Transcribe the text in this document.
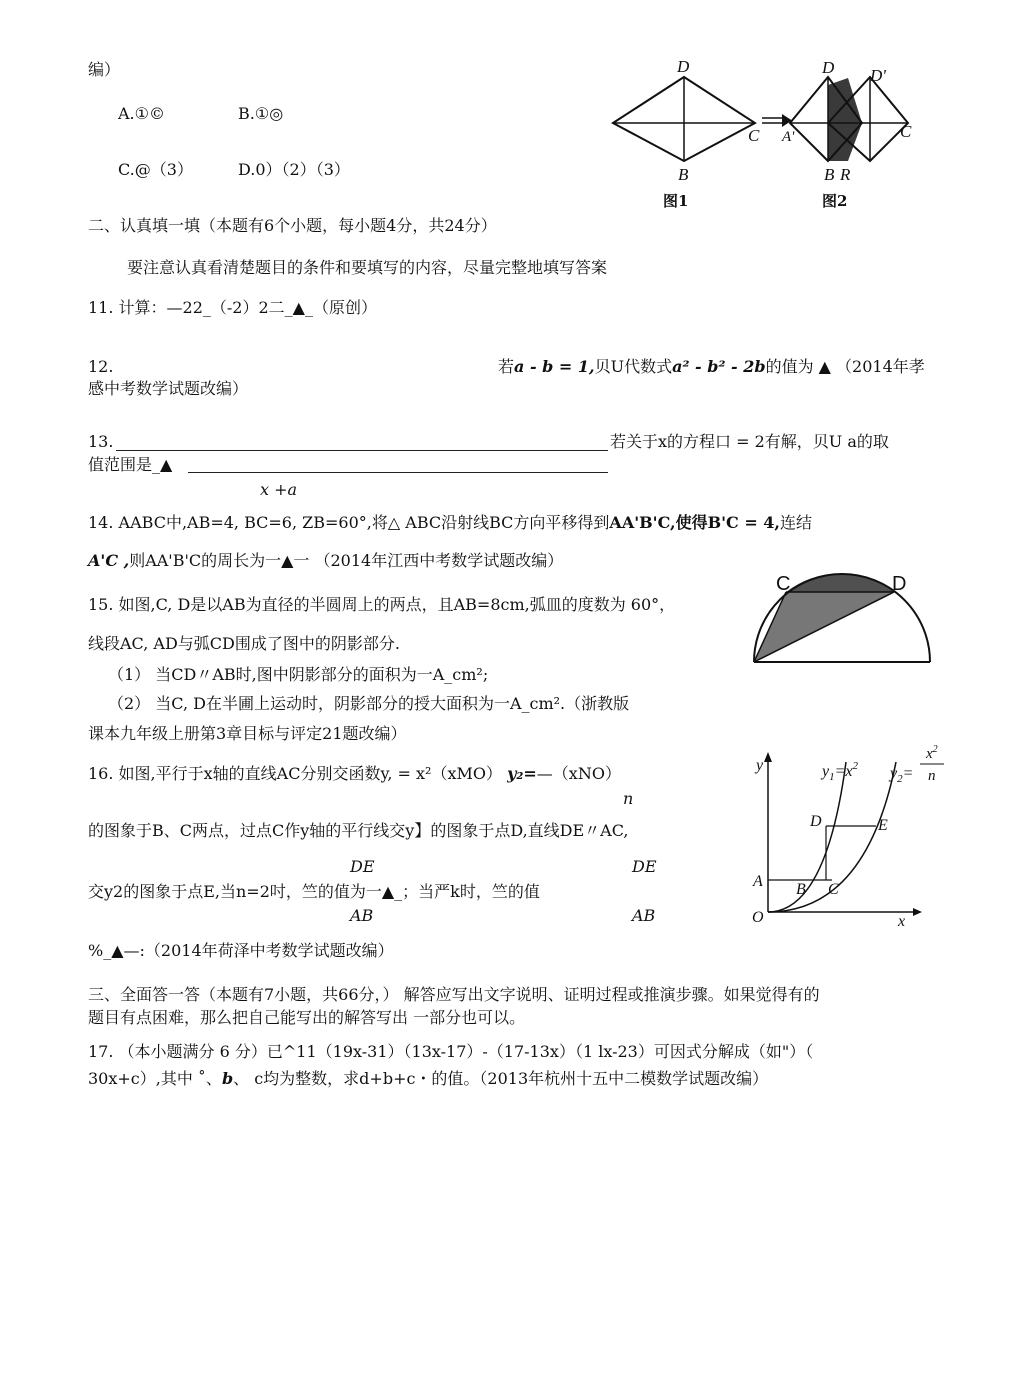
编）
A.①©	B.①◎
C.@（3）	D.0）（2）（3）
D
C
B
图1
D D'
A'	C
B R
图2
二、认真填一填（本题有6个小题，每小题4分，共24分）
要注意认真看清楚题目的条件和要填写的内容，尽量完整地填写答案
11. 计算：—22_（-2）2二_▲_（原创）
12.	若a - b = 1,贝U代数式a² - b² - 2b的值为 ▲ （2014年孝
感中考数学试题改编）
13.	若关于x的方程口 = 2有解，贝U a的取
值范围是_▲
x +a
14. AABC中,AB=4, BC=6, ZB=60°,将△ ABC沿射线BC方向平移得到AA'B'C,使得B'C = 4,连结
A'C ,则AA'B'C的周长为一▲一 （2014年江西中考数学试题改编）
15. 如图,C, D是以AB为直径的半圆周上的两点，且AB=8cm,弧皿的度数为 60°，
线段AC, AD与弧CD围成了图中的阴影部分.
（1） 当CD〃AB时,图中阴影部分的面积为一A_cm²;
（2） 当C, D在半圃上运动时，阴影部分的授大面积为一A_cm².（浙教版
课本九年级上册第3章目标与评定21题改编）
C	D
16. 如图,平行于x轴的直线AC分别交函数y, = x²（xMO） y₂=—（xNO）
n
的图象于B、C两点，过点C作y轴的平行线交y】的图象于点D,直线DE〃AC,
DE	DE
交y2的图象于点E,当n=2吋，竺的值为一▲_；当严k时，竺的值
AB	AB
%_▲—:（2014年荷泽中考数学试题改编）
y
x
O
A B C
D	E
$y_1=x^2$ $y_2=$
$x^2$
n
三、全面答一答（本题有7小题，共66分，） 解答应写出文字说明、证明过程或推演步骤。如果觉得有的
题目有点困难，那么把自己能写出的解答写出 一部分也可以。
17. （本小题满分 6 分）已^11（19x-31）（13x-17）-（17-13x）（1 lx-23）可因式分解成（如"）（
30x+c）,其中 ˚、b、 c均为整数，求d+b+c・的值。（2013年杭州十五中二模数学试题改编）
